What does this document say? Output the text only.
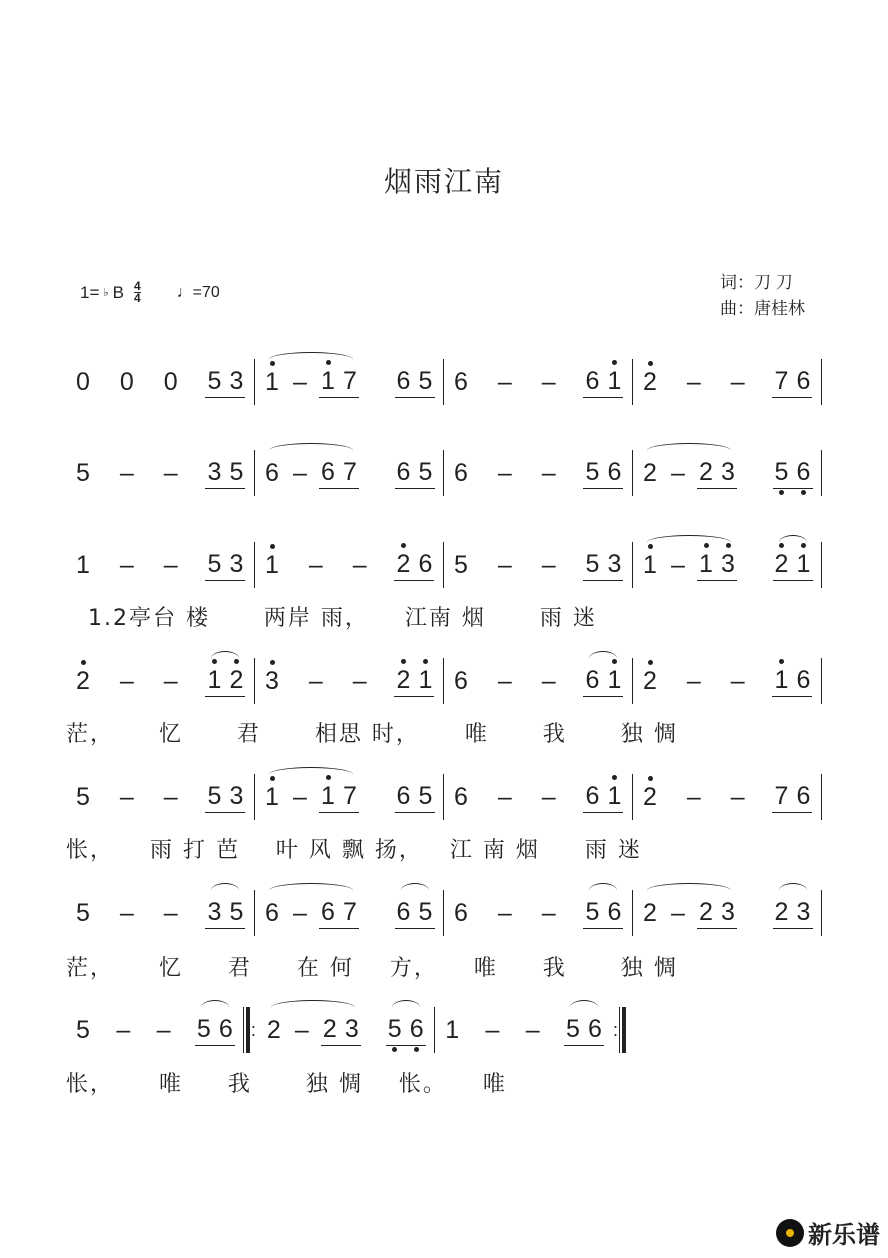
烟雨江南
1= ♭ B $\frac{4}{4}$ ♩=70	词：刀 刀
曲：唐桂林
0 0 0 5 3 1 – 1 7 6 5 6 – – 6 1 2 – – 7 6
5 – – 3 5 6 – 6 7 6 5 6 – – 5 6 2 – 2 3 5 6
1 – – 5 3 1 – – 2 6 5 – – 5 3 1 – 1 3 2 1
1.2亭台 楼      两岸 雨，    江南 烟      雨 迷
2 – – 1 2 3 – – 2 1 6 – – 6 1 2 – – 1 6
茫，     忆      君      相思 时，     唯      我      独 惆
5 – – 5 3 1 – 1 7 6 5 6 – – 6 1 2 – – 7 6
怅，    雨 打 芭    叶 风 飘 扬，   江 南 烟     雨 迷
5 – – 3 5 6 – 6 7 6 5 6 – – 5 6 2 – 2 3 2 3
茫，     忆     君     在 何    方，    唯     我      独 惆
5 – – 5 6 : 2 – 2 3 5 6 1 – – 5 6 :
怅，     唯     我      独 惆    怅。    唯
新乐谱
